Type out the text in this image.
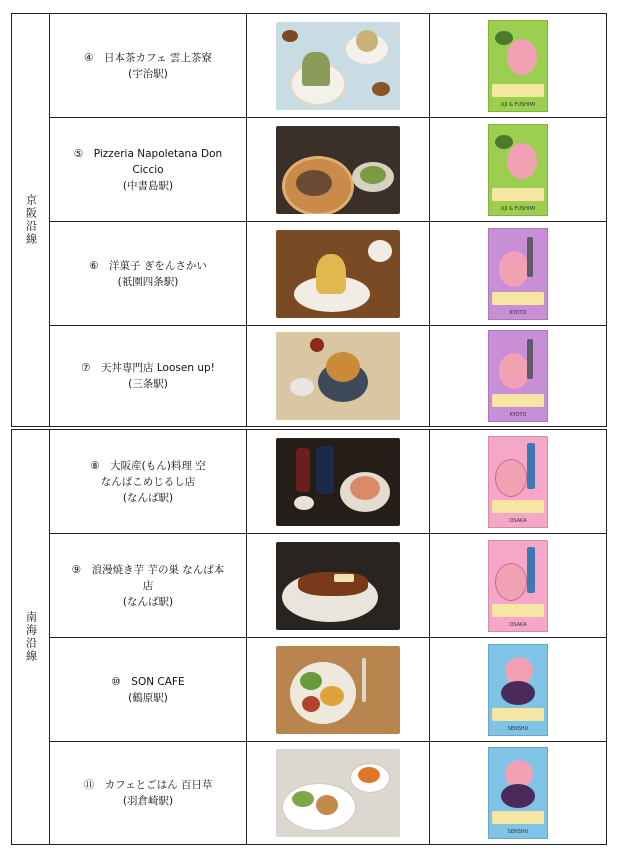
京阪沿線
④　日本茶カフェ 雲上茶寮
(宇治駅)
UJI & FUSHIMI
⑤　Pizzeria Napoletana Don Ciccio
(中書島駅)
UJI & FUSHIMI
⑥　洋菓子 ぎをんさかい
(祇園四条駅)
KYOTO
⑦　天丼専門店 Loosen up!
(三条駅)
KYOTO
南海沿線
⑧　大阪産(もん)料理 空
なんばこめじるし店
(なんば駅)
OSAKA
⑨　浪漫焼き芋 芋の巣 なんば本
店
(なんば駅)
OSAKA
⑩　SON CAFE
(鶴原駅)
SENSHU
⑪　カフェとごはん 百日草
(羽倉崎駅)
SENSHU
